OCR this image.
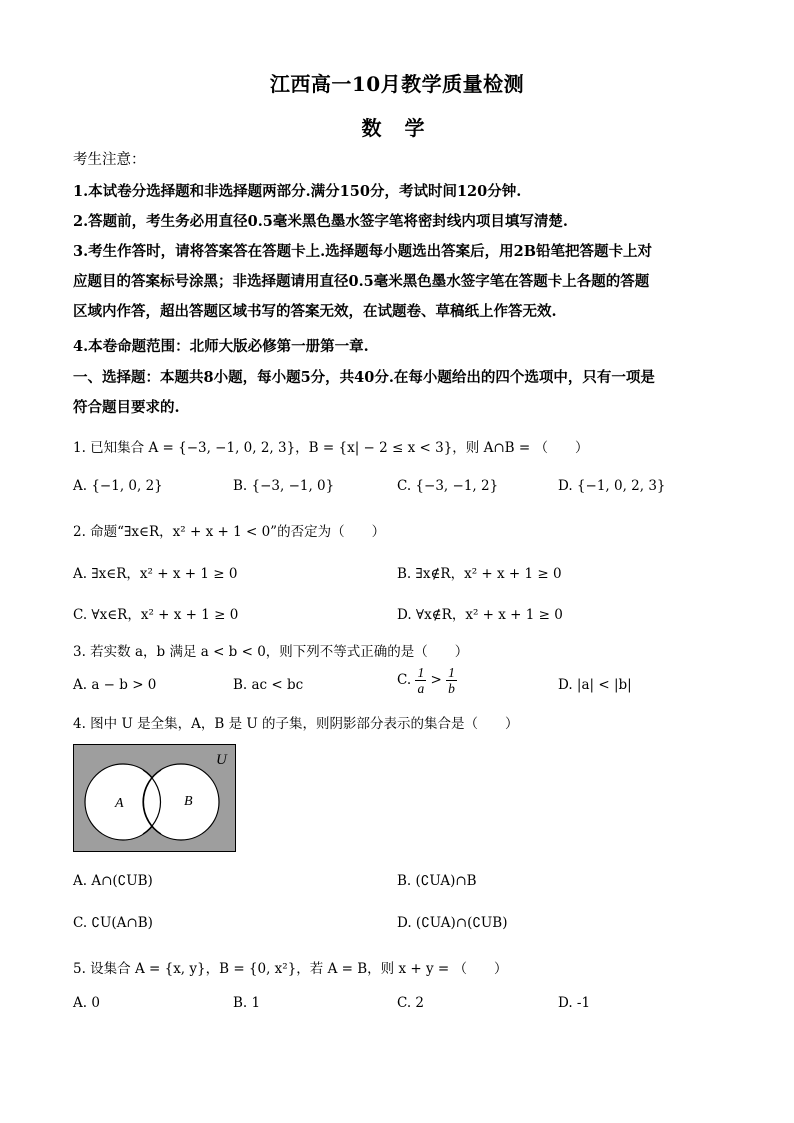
江西高一10月教学质量检测
数 学
考生注意：
1.本试卷分选择题和非选择题两部分.满分150分，考试时间120分钟.
2.答题前，考生务必用直径0.5毫米黑色墨水签字笔将密封线内项目填写清楚.
3.考生作答时，请将答案答在答题卡上.选择题每小题选出答案后，用2B铅笔把答题卡上对
应题目的答案标号涂黑；非选择题请用直径0.5毫米黑色墨水签字笔在答题卡上各题的答题
区域内作答，超出答题区域书写的答案无效，在试题卷、草稿纸上作答无效.
4.本卷命题范围：北师大版必修第一册第一章.
一、选择题：本题共8小题，每小题5分，共40分.在每小题给出的四个选项中，只有一项是
符合题目要求的.
1. 已知集合 A = {−3, −1, 0, 2, 3}，B = {x| − 2 ≤ x < 3}，则 A∩B = （　　）
A. {−1, 0, 2}	B. {−3, −1, 0}	C. {−3, −1, 2}	D. {−1, 0, 2, 3}
2. 命题“∃x∈R，x² + x + 1 < 0”的否定为（　　）
A. ∃x∈R，x² + x + 1 ≥ 0	B. ∃x∉R，x² + x + 1 ≥ 0
C. ∀x∈R，x² + x + 1 ≥ 0	D. ∀x∉R，x² + x + 1 ≥ 0
3. 若实数 a，b 满足 a < b < 0，则下列不等式正确的是（　　）
A. a − b > 0	B. ac < bc	C. $\frac{1}{a} > \frac{1}{b}$	D. |a| < |b|
4. 图中 U 是全集，A，B 是 U 的子集，则阴影部分表示的集合是（　　）
U
A	B
A. A∩(∁UB)	B. (∁UA)∩B
C. ∁U(A∩B)	D. (∁UA)∩(∁UB)
5. 设集合 A = {x, y}，B = {0, x²}，若 A = B，则 x + y = （　　）
A. 0	B. 1	C. 2	D. -1
